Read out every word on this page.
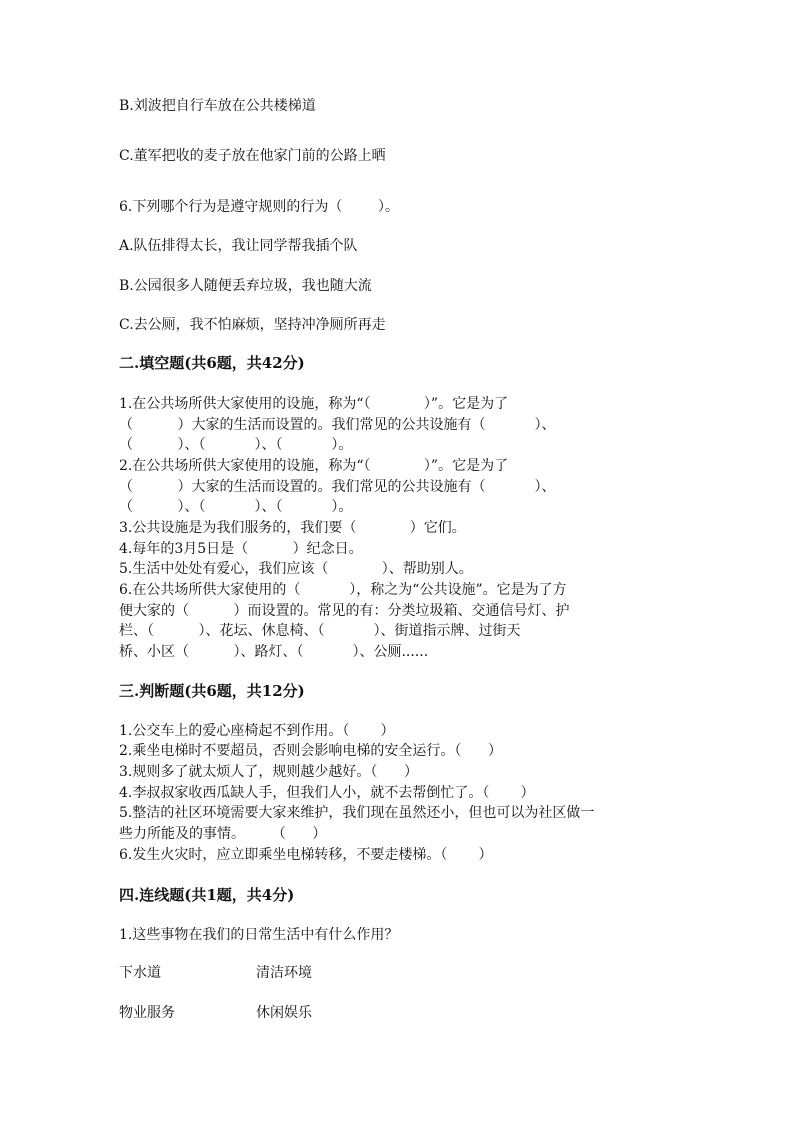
B.刘波把自行车放在公共楼梯道
C.董军把收的麦子放在他家门前的公路上晒
6.下列哪个行为是遵守规则的行为（        ）。
A.队伍排得太长，我让同学帮我插个队
B.公园很多人随便丢弃垃圾，我也随大流
C.去公厕，我不怕麻烦，坚持冲净厕所再走
二.填空题(共6题，共42分)
1.在公共场所供大家使用的设施，称为“（            ）”。它是为了
（          ）大家的生活而设置的。我们常见的公共设施有（           ）、
（          ）、（           ）、（           ）。
2.在公共场所供大家使用的设施，称为“（            ）”。它是为了
（          ）大家的生活而设置的。我们常见的公共设施有（           ）、
（          ）、（           ）、（           ）。
3.公共设施是为我们服务的，我们要（            ）它们。
4.每年的3月5日是（          ）纪念日。
5.生活中处处有爱心，我们应该（            ）、帮助别人。
6.在公共场所供大家使用的（           ），称之为“公共设施”。它是为了方
便大家的（          ）而设置的。常见的有：分类垃圾箱、交通信号灯、护
栏、（          ）、花坛、休息椅、（           ）、街道指示牌、过街天
桥、小区（          ）、路灯、（           ）、公厕......
三.判断题(共6题，共12分)
1.公交车上的爱心座椅起不到作用。（       ）
2.乘坐电梯时不要超员，否则会影响电梯的安全运行。（      ）
3.规则多了就太烦人了，规则越少越好。（      ）
4.李叔叔家收西瓜缺人手，但我们人小，就不去帮倒忙了。（       ）
5.整洁的社区环境需要大家来维护，我们现在虽然还小，但也可以为社区做一
些力所能及的事情。      （      ）
6.发生火灾时，应立即乘坐电梯转移，不要走楼梯。（       ）
四.连线题(共1题，共4分)
1.这些事物在我们的日常生活中有什么作用？
下水道	清洁环境
物业服务	休闲娱乐
